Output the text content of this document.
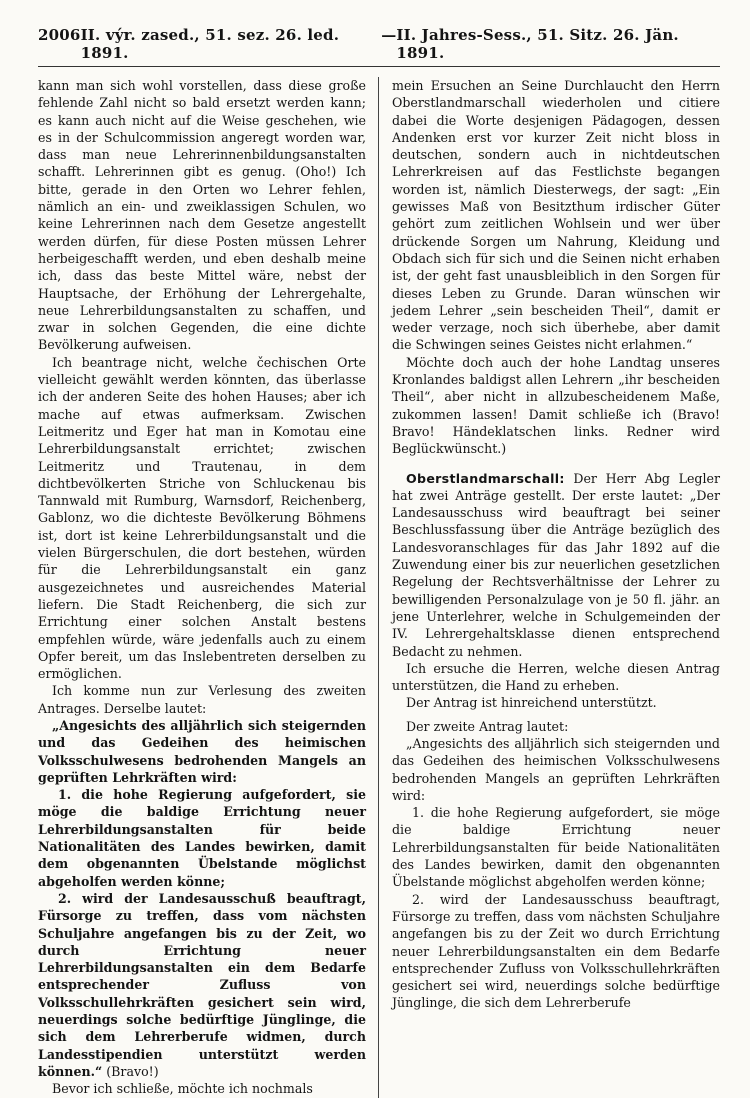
2006 II. výr. zased., 51. sez. 26. led. 1891.
— II. Jahres-Sess., 51. Sitz. 26. Jän. 1891.

kann man sich wohl vorstellen, dass diese große fehlende Zahl nicht so bald ersetzt werden kann; es kann auch nicht auf die Weise geschehen, wie es in der Schulcommission angeregt worden war, dass man neue Lehrerinnenbildungsanstalten schafft. Lehrerinnen gibt es genug. (Oho!) Ich bitte, gerade in den Orten wo Lehrer fehlen, nämlich an ein- und zweiklassigen Schulen, wo keine Lehrerinnen nach dem Gesetze angestellt werden dürfen, für diese Posten müssen Lehrer herbeigeschafft werden, und eben deshalb meine ich, dass das beste Mittel wäre, nebst der Hauptsache, der Erhöhung der Lehrergehalte, neue Lehrerbildungsanstalten zu schaffen, und zwar in solchen Gegenden, die eine dichte Bevölkerung aufweisen.

Ich beantrage nicht, welche čechischen Orte vielleicht gewählt werden könnten, das überlasse ich der anderen Seite des hohen Hauses; aber ich mache auf etwas aufmerksam. Zwischen Leitmeritz und Eger hat man in Komotau eine Lehrerbildungsanstalt errichtet; zwischen Leitmeritz und Trautenau, in dem dichtbevölkerten Striche von Schluckenau bis Tannwald mit Rumburg, Warnsdorf, Reichenberg, Gablonz, wo die dichteste Bevölkerung Böhmens ist, dort ist keine Lehrerbildungsanstalt und die vielen Bürgerschulen, die dort bestehen, würden für die Lehrerbildungsanstalt ein ganz ausgezeichnetes und ausreichendes Material liefern. Die Stadt Reichenberg, die sich zur Errichtung einer solchen Anstalt bestens empfehlen würde, wäre jedenfalls auch zu einem Opfer bereit, um das Inslebentreten derselben zu ermöglichen.

Ich komme nun zur Verlesung des zweiten Antrages. Derselbe lautet:

„Angesichts des alljährlich sich steigernden und das Gedeihen des heimischen Volksschulwesens bedrohenden Mangels an geprüften Lehrkräften wird:

1. die hohe Regierung aufgefordert, sie möge die baldige Errichtung neuer Lehrerbildungsanstalten für beide Nationalitäten des Landes bewirken, damit dem obgenannten Übelstande möglichst abgeholfen werden könne;

2. wird der Landesausschuß beauftragt, Fürsorge zu treffen, dass vom nächsten Schuljahre angefangen bis zu der Zeit, wo durch Errichtung neuer Lehrerbildungsanstalten ein dem Bedarfe entsprechender Zufluss von Volksschullehrkräften gesichert sein wird, neuerdings solche bedürftige Jünglinge, die sich dem Lehrerberufe widmen, durch Landesstipendien unterstützt werden können.“ (Bravo!)

Bevor ich schließe, möchte ich nochmals

mein Ersuchen an Seine Durchlaucht den Herrn Oberstlandmarschall wiederholen und citiere dabei die Worte desjenigen Pädagogen, dessen Andenken erst vor kurzer Zeit nicht bloss in deutschen, sondern auch in nichtdeutschen Lehrerkreisen auf das Festlichste begangen worden ist, nämlich Diesterwegs, der sagt: „Ein gewisses Maß von Besitzthum irdischer Güter gehört zum zeitlichen Wohlsein und wer über drückende Sorgen um Nahrung, Kleidung und Obdach sich für sich und die Seinen nicht erhaben ist, der geht fast unausbleiblich in den Sorgen für dieses Leben zu Grunde. Daran wünschen wir jedem Lehrer „sein bescheiden Theil“, damit er weder verzage, noch sich überhebe, aber damit die Schwingen seines Geistes nicht erlahmen.“

Möchte doch auch der hohe Landtag unseres Kronlandes baldigst allen Lehrern „ihr bescheiden Theil“, aber nicht in allzubescheidenem Maße, zukommen lassen! Damit schließe ich (Bravo! Bravo! Händeklatschen links. Redner wird Beglückwünscht.)

Oberstlandmarschall: Der Herr Abg Legler hat zwei Anträge gestellt. Der erste lautet: „Der Landesausschuss wird beauftragt bei seiner Beschlussfassung über die Anträge bezüglich des Landesvoranschlages für das Jahr 1892 auf die Zuwendung einer bis zur neuerlichen gesetzlichen Regelung der Rechtsverhältnisse der Lehrer zu bewilligenden Personalzulage von je 50 fl. jähr. an jene Unterlehrer, welche in Schulgemeinden der IV. Lehrergehaltsklasse dienen entsprechend Bedacht zu nehmen.

Ich ersuche die Herren, welche diesen Antrag unterstützen, die Hand zu erheben.

Der Antrag ist hinreichend unterstützt.

Der zweite Antrag lautet:

„Angesichts des alljährlich sich steigernden und das Gedeihen des heimischen Volksschulwesens bedrohenden Mangels an geprüften Lehrkräften wird:

1. die hohe Regierung aufgefordert, sie möge die baldige Errichtung neuer Lehrerbildungsanstalten für beide Nationalitäten des Landes bewirken, damit den obgenannten Übelstande möglichst abgeholfen werden könne;

2. wird der Landesausschuss beauftragt, Fürsorge zu treffen, dass vom nächsten Schuljahre angefangen bis zu der Zeit wo durch Errichtung neuer Lehrerbildungsanstalten ein dem Bedarfe entsprechender Zufluss von Volksschullehrkräften gesichert sei wird, neuerdings solche bedürftige Jünglinge, die sich dem Lehrerberufe
